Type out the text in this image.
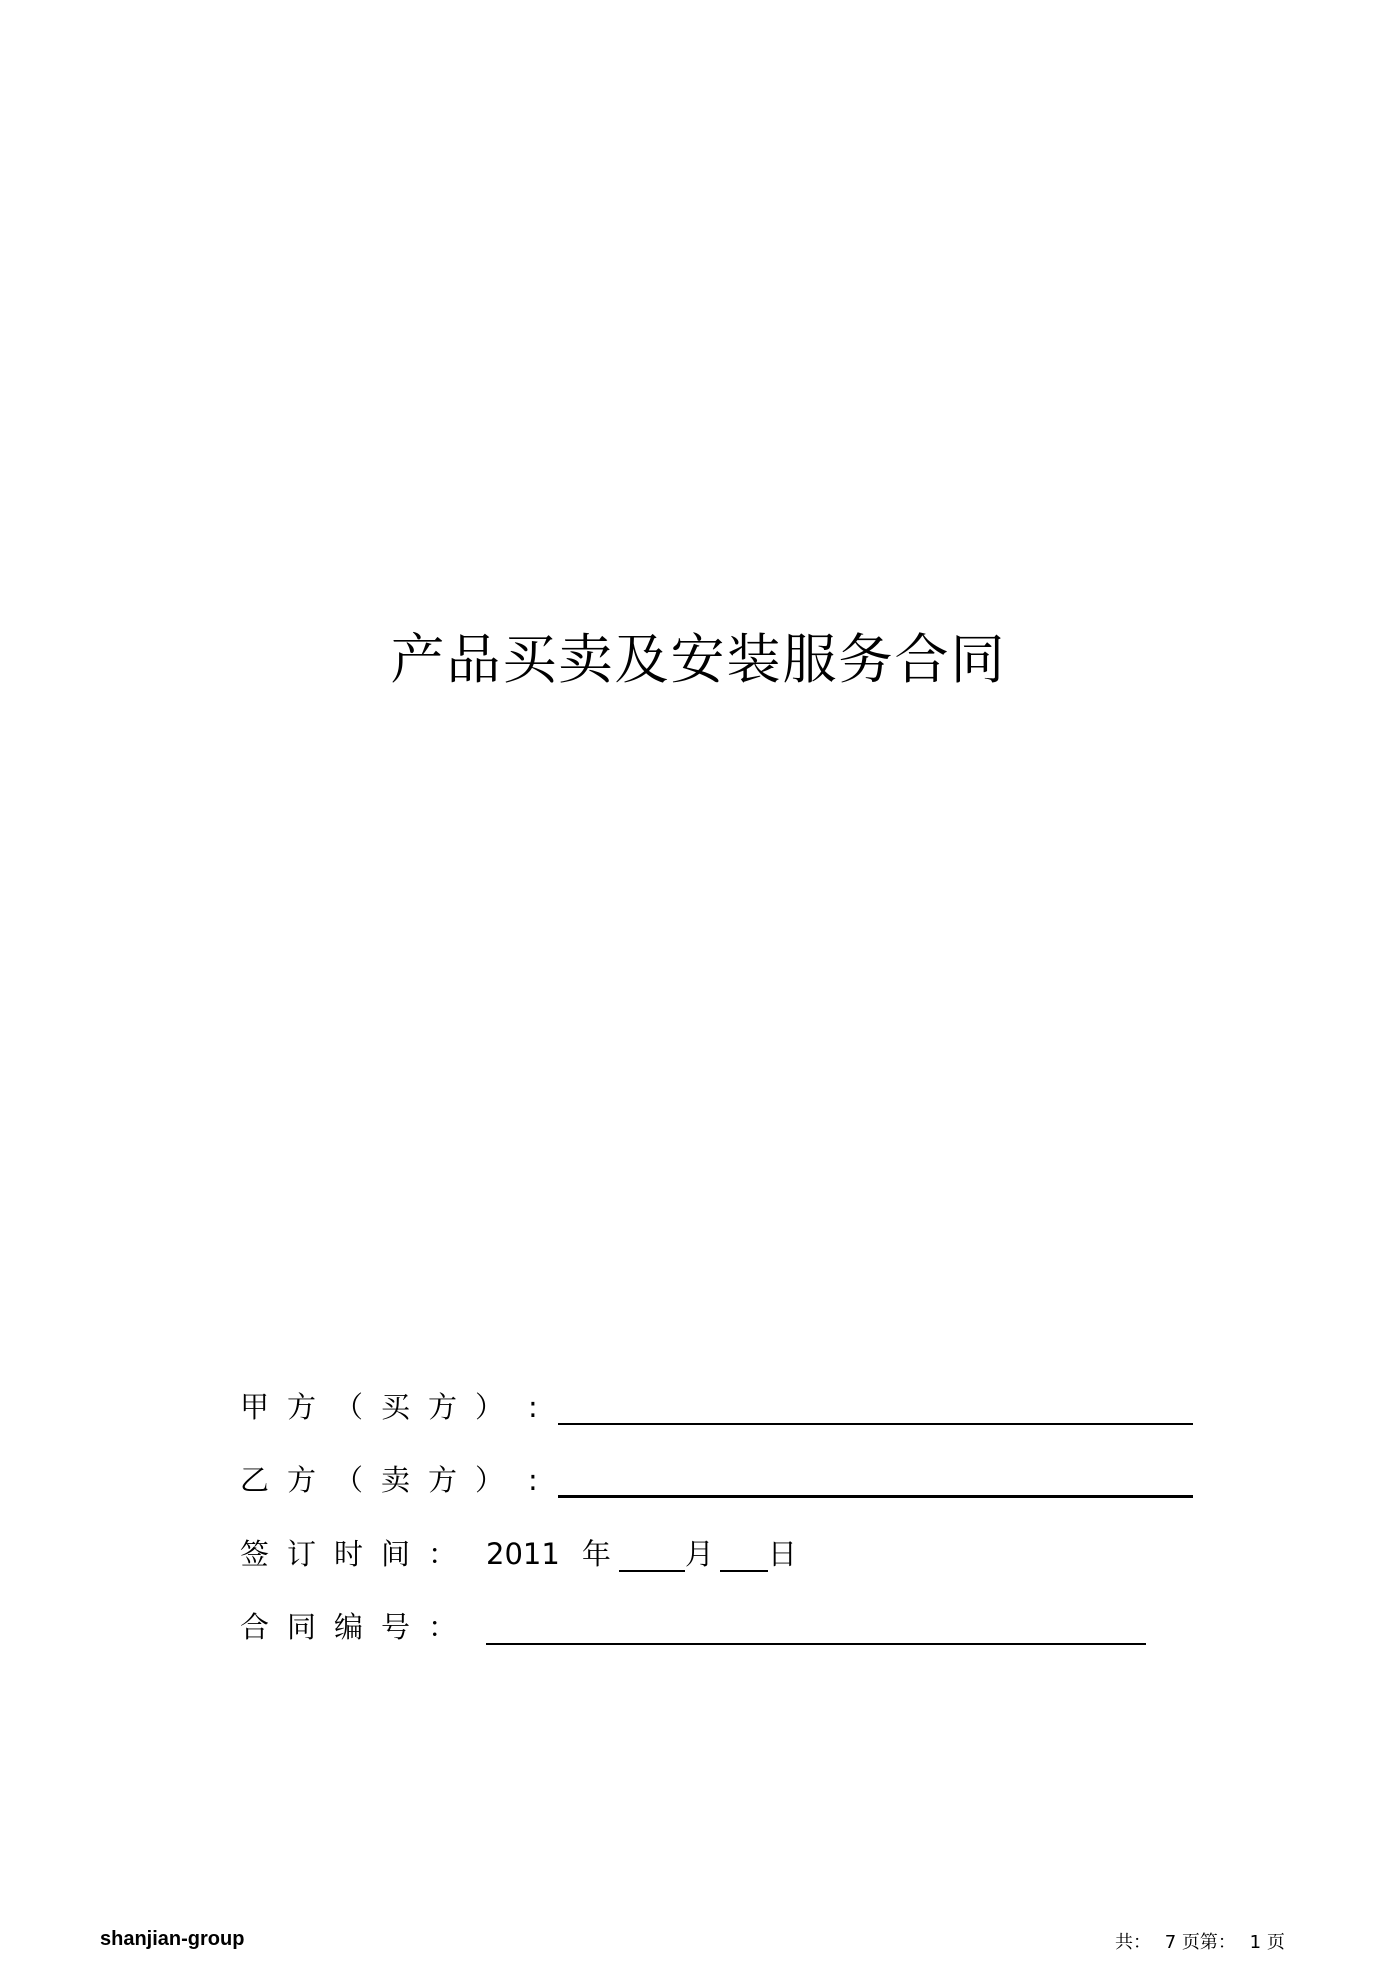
产品买卖及安装服务合同
甲方（买方） :
乙方（卖方） :
签订时间： 2011 年	月 日
合同编号：
shanjian-group	共： 7 页第： 1 页
